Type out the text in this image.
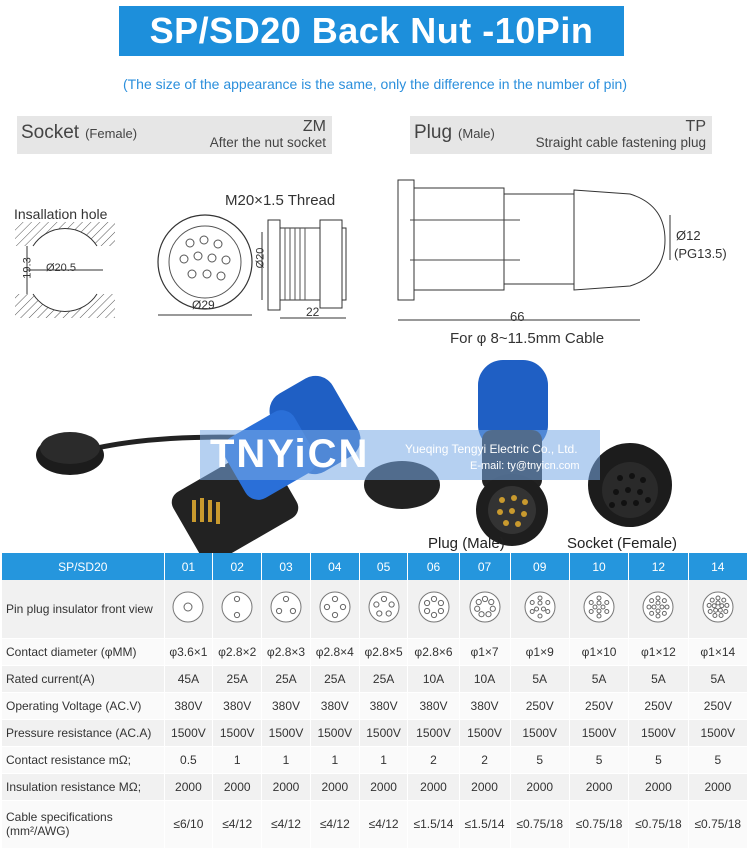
SP/SD20 Back Nut -10Pin
(The size of the appearance is the same, only the difference in the number of pin)
Socket (Female)	ZM
After the nut socket	Plug (Male)	TP
Straight cable fastening plug
Insallation hole
19.3 Ø20.5
M20×1.5 Thread
Ø29
Ø20
22
Ø12
(PG13.5)
66
For φ 8~11.5mm Cable
TNYiCN	Yueqing Tengyi Electric Co., Ltd.
E-mail: ty@tnyicn.com
Plug (Male)	Socket (Female)
SP/SD20	01	02	03	04	05	06	07	09	10	12	14
Pin plug insulator front view											
Contact diameter (φMM)	φ3.6×1	φ2.8×2	φ2.8×3	φ2.8×4	φ2.8×5	φ2.8×6	φ1×7	φ1×9	φ1×10	φ1×12	φ1×14
Rated current(A)	45A	25A	25A	25A	25A	10A	10A	5A	5A	5A	5A
Operating Voltage (AC.V)	380V	380V	380V	380V	380V	380V	380V	250V	250V	250V	250V
Pressure resistance (AC.A)	1500V	1500V	1500V	1500V	1500V	1500V	1500V	1500V	1500V	1500V	1500V
Contact resistance mΩ;	0.5	1	1	1	1	2	2	5	5	5	5
Insulation resistance MΩ;	2000	2000	2000	2000	2000	2000	2000	2000	2000	2000	2000
Cable specifications (mm²/AWG)	≤6/10	≤4/12	≤4/12	≤4/12	≤4/12	≤1.5/14	≤1.5/14	≤0.75/18	≤0.75/18	≤0.75/18	≤0.75/18
